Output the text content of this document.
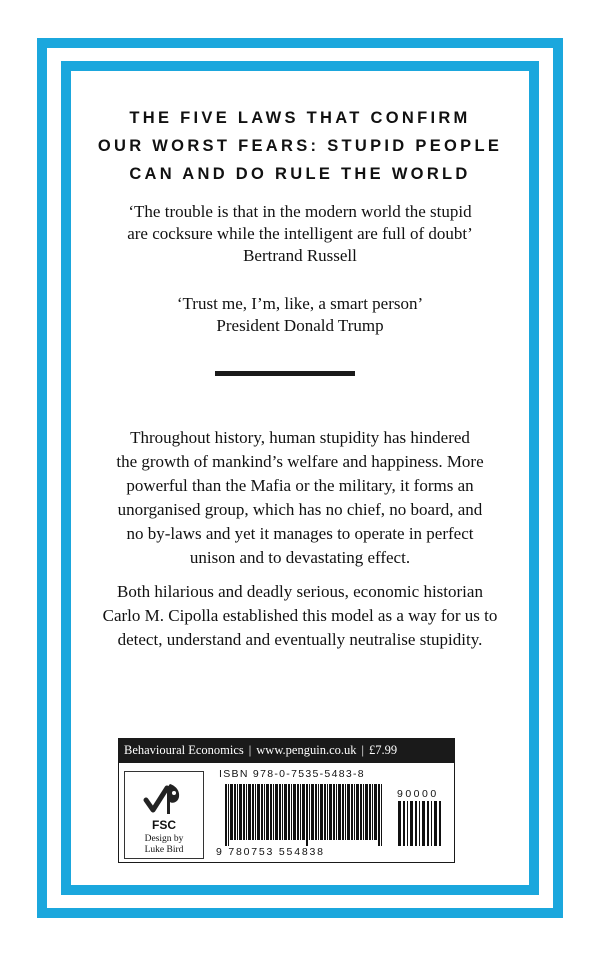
THE FIVE LAWS THAT CONFIRM
OUR WORST FEARS: STUPID PEOPLE
CAN AND DO RULE THE WORLD
‘The trouble is that in the modern world the stupid
are cocksure while the intelligent are full of doubt’
Bertrand Russell
‘Trust me, I’m, like, a smart person’
President Donald Trump
Throughout history, human stupidity has hindered
the growth of mankind’s welfare and happiness. More
powerful than the Mafia or the military, it forms an
unorganised group, which has no chief, no board, and
no by-laws and yet it manages to operate in perfect
unison and to devastating effect.
Both hilarious and deadly serious, economic historian
Carlo M. Cipolla established this model as a way for us to
detect, understand and eventually neutralise stupidity.
Behavioural Economics | www.penguin.co.uk | £7.99
FSC
Design by
Luke Bird
ISBN 978-0-7535-5483-8
90000
9 780753 554838
